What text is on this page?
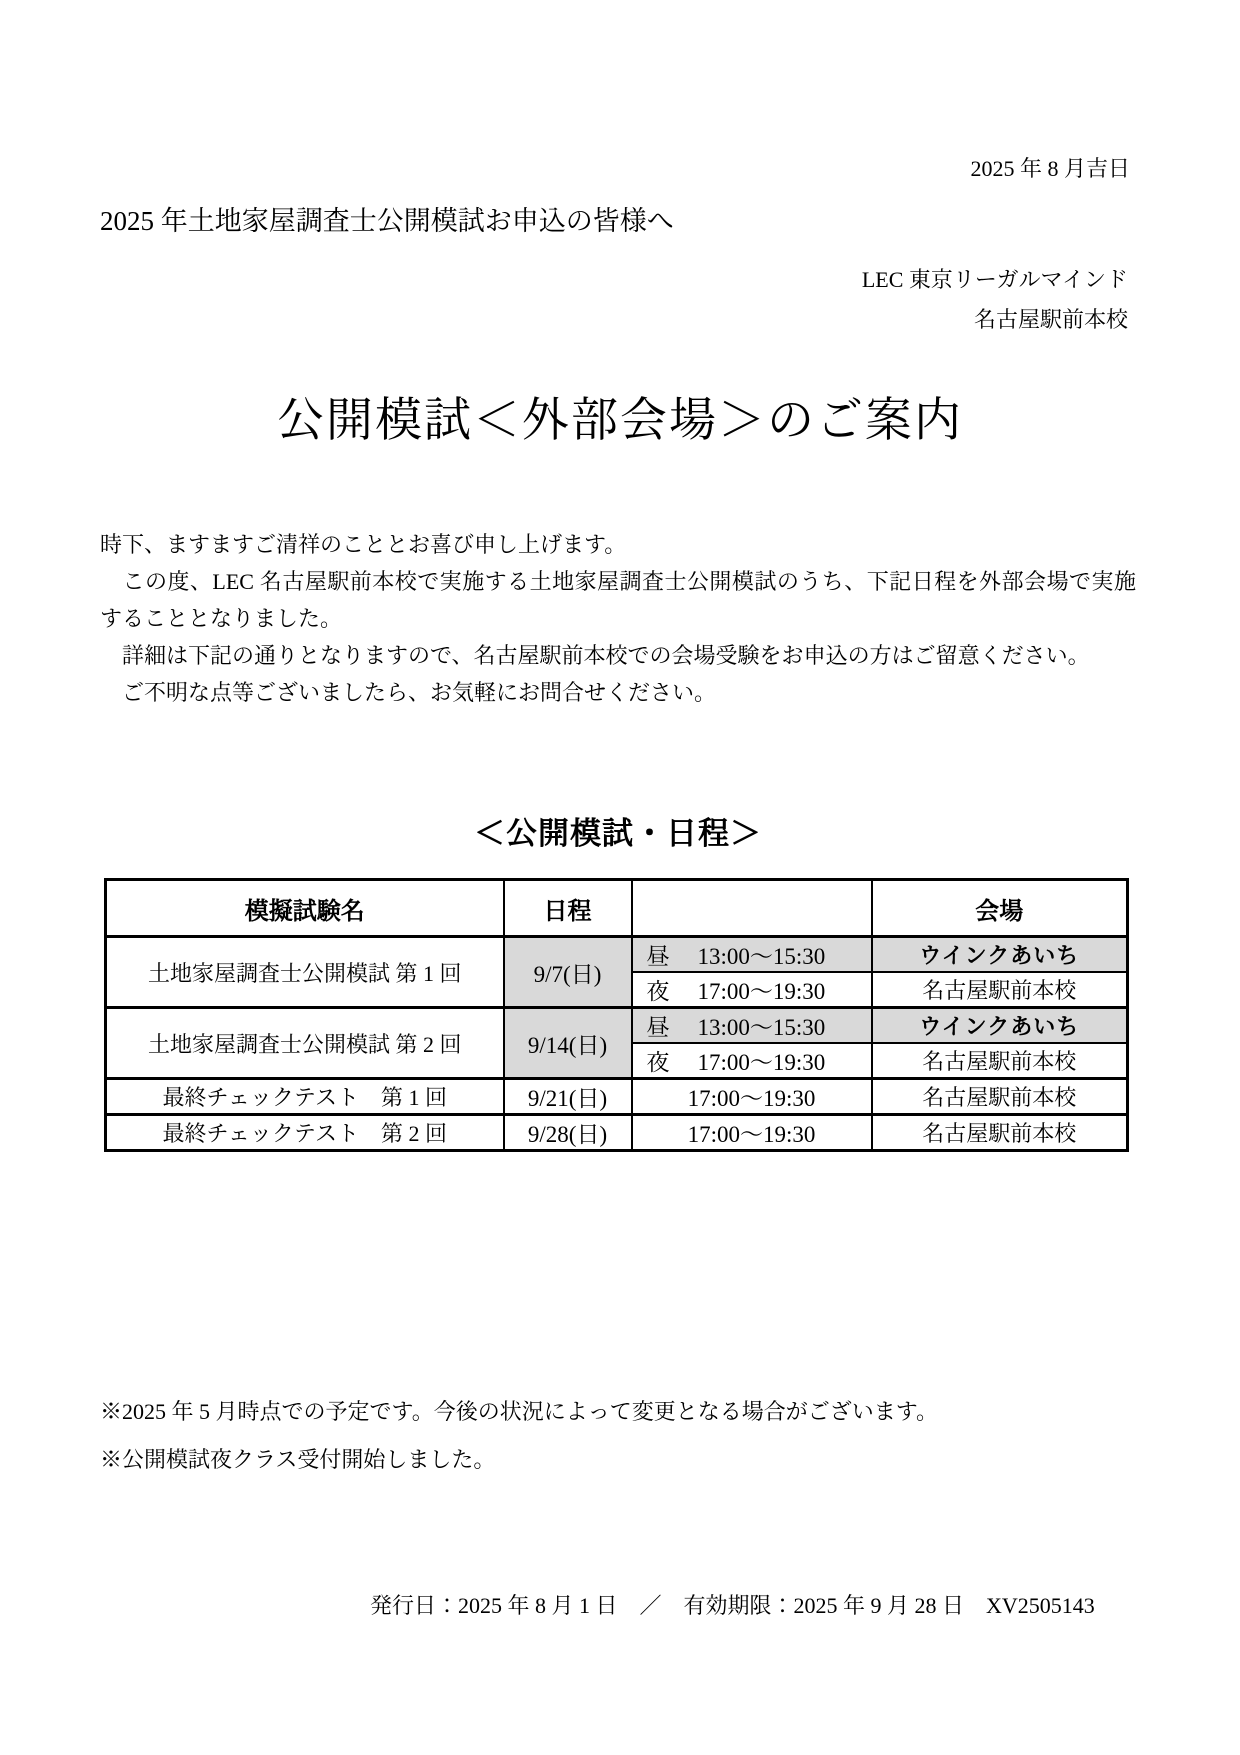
2025 年 8 月吉日
2025 年土地家屋調査士公開模試お申込の皆様へ
LEC 東京リーガルマインド
名古屋駅前本校
公開模試＜外部会場＞のご案内

時下、ますますご清祥のこととお喜び申し上げます。

　この度、LEC 名古屋駅前本校で実施する土地家屋調査士公開模試のうち、下記日程を外部会場で実施することとなりました。

　詳細は下記の通りとなりますので、名古屋駅前本校での会場受験をお申込の方はご留意ください。

　ご不明な点等ございましたら、お気軽にお問合せください。

＜公開模試・日程＞
模擬試験名	日程		会場
土地家屋調査士公開模試 第 1 回	9/7(日)	昼 13:00～15:30	ウインクあいち

		夜 17:00～19:30	名古屋駅前本校
土地家屋調査士公開模試 第 2 回	9/14(日)	昼 13:00～15:30	ウインクあいち

		夜 17:00～19:30	名古屋駅前本校
最終チェックテスト　第 1 回	9/21(日)	17:00～19:30	名古屋駅前本校
最終チェックテスト　第 2 回	9/28(日)	17:00～19:30	名古屋駅前本校
※2025 年 5 月時点での予定です。今後の状況によって変更となる場合がございます。
※公開模試夜クラス受付開始しました。
発行日：2025 年 8 月 1 日　／　有効期限：2025 年 9 月 28 日　XV2505143
